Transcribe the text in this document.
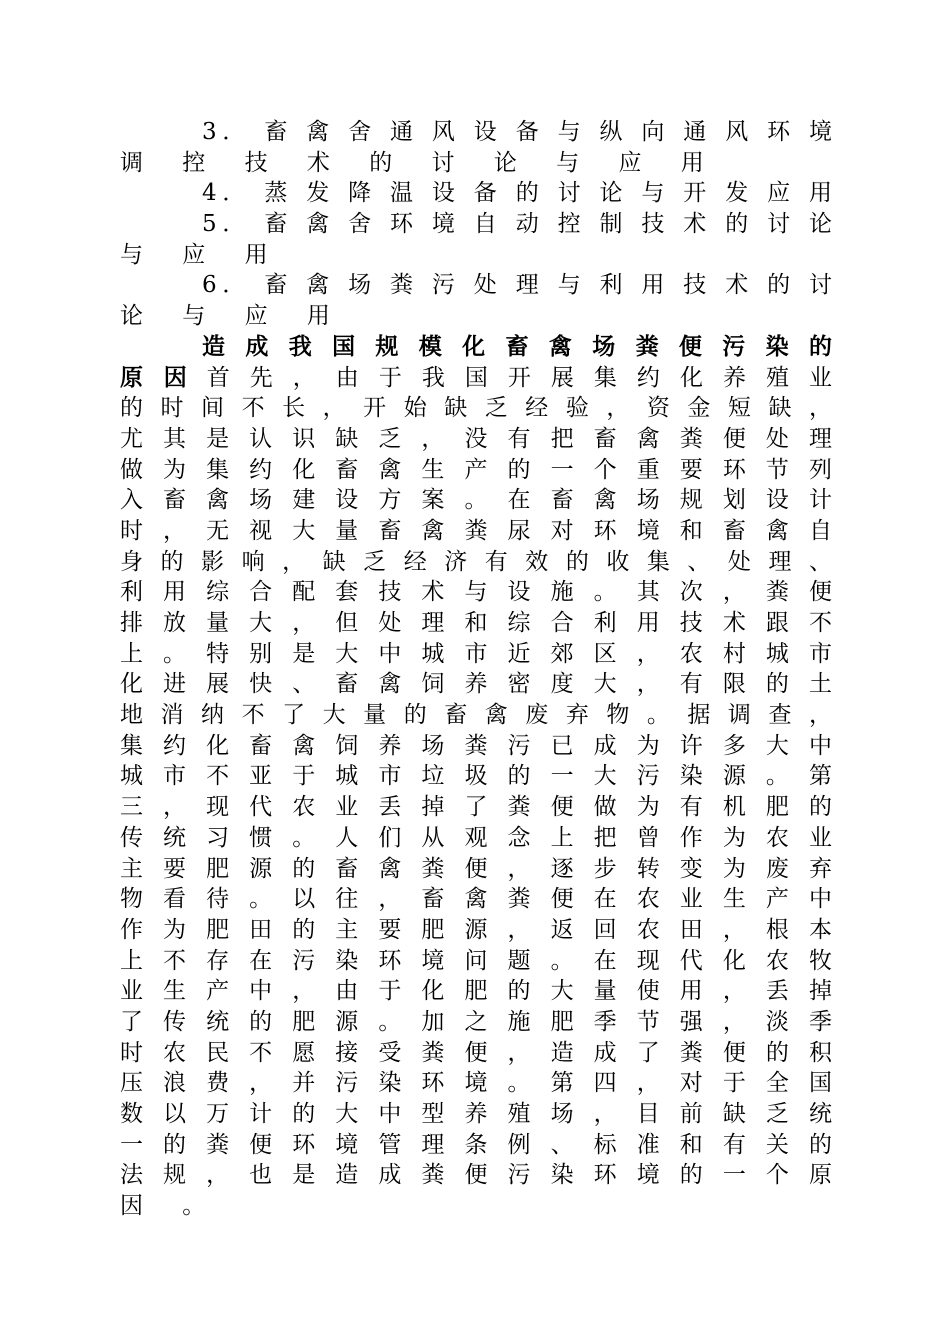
3． 畜 禽 舍 通 风 设 备 与 纵 向 通 风 环 境
调 控 技 术 的 讨 论 与 应 用
4． 蒸 发 降 温 设 备 的 讨 论 与 开 发 应 用
5． 畜 禽 舍 环 境 自 动 控 制 技 术 的 讨 论
与 应 用
6． 畜 禽 场 粪 污 处 理 与 利 用 技 术 的 讨
论 与 应 用
造 成 我 国 规 模 化 畜 禽 场 粪 便 污 染 的
原 因 首 先 ， 由 于 我 国 开 展 集 约 化 养 殖 业
的 时 间 不 长 ， 开 始 缺 乏 经 验 ， 资 金 短 缺 ，
尤 其 是 认 识 缺 乏 ， 没 有 把 畜 禽 粪 便 处 理
做 为 集 约 化 畜 禽 生 产 的 一 个 重 要 环 节 列
入 畜 禽 场 建 设 方 案 。 在 畜 禽 场 规 划 设 计
时 ， 无 视 大 量 畜 禽 粪 尿 对 环 境 和 畜 禽 自
身 的 影 响 ， 缺 乏 经 济 有 效 的 收 集 、 处 理 、
利 用 综 合 配 套 技 术 与 设 施 。 其 次 ， 粪 便
排 放 量 大 ， 但 处 理 和 综 合 利 用 技 术 跟 不
上 。 特 别 是 大 中 城 市 近 郊 区 ， 农 村 城 市
化 进 展 快 、 畜 禽 饲 养 密 度 大 ， 有 限 的 土
地 消 纳 不 了 大 量 的 畜 禽 废 弃 物 。 据 调 查 ，
集 约 化 畜 禽 饲 养 场 粪 污 已 成 为 许 多 大 中
城 市 不 亚 于 城 市 垃 圾 的 一 大 污 染 源 。 第
三 ， 现 代 农 业 丢 掉 了 粪 便 做 为 有 机 肥 的
传 统 习 惯 。 人 们 从 观 念 上 把 曾 作 为 农 业
主 要 肥 源 的 畜 禽 粪 便 ， 逐 步 转 变 为 废 弃
物 看 待 。 以 往 ， 畜 禽 粪 便 在 农 业 生 产 中
作 为 肥 田 的 主 要 肥 源 ， 返 回 农 田 ， 根 本
上 不 存 在 污 染 环 境 问 题 。 在 现 代 化 农 牧
业 生 产 中 ， 由 于 化 肥 的 大 量 使 用 ， 丢 掉
了 传 统 的 肥 源 。 加 之 施 肥 季 节 强 ， 淡 季
时 农 民 不 愿 接 受 粪 便 ， 造 成 了 粪 便 的 积
压 浪 费 ， 并 污 染 环 境 。 第 四 ， 对 于 全 国
数 以 万 计 的 大 中 型 养 殖 场 ， 目 前 缺 乏 统
一 的 粪 便 环 境 管 理 条 例 、 标 准 和 有 关 的
法 规 ， 也 是 造 成 粪 便 污 染 环 境 的 一 个 原
因 。
